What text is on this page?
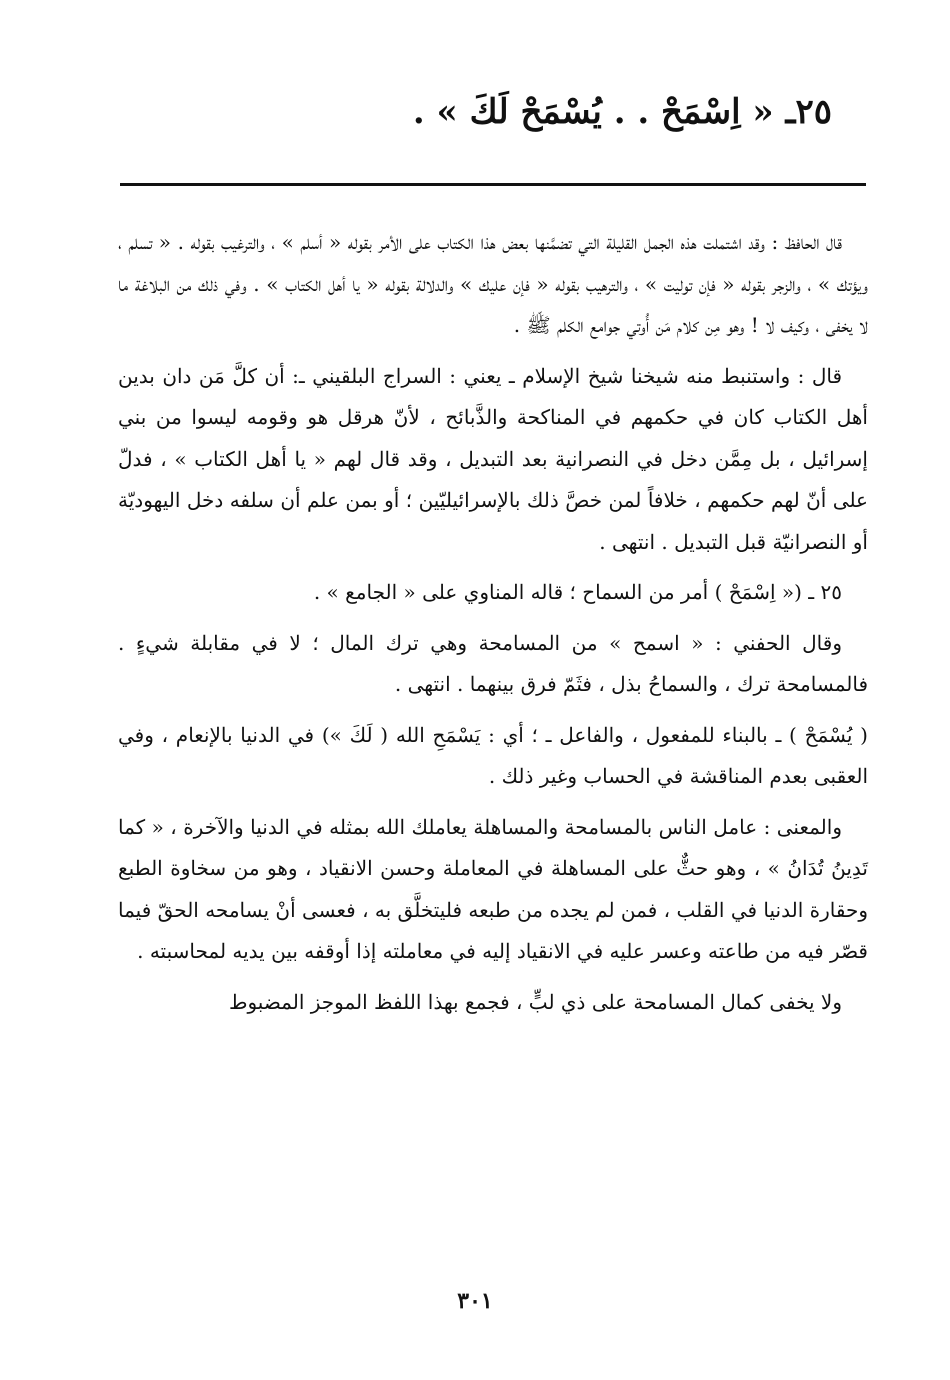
٢٥ـ « اِسْمَحْ . . يُسْمَحْ لَكَ » .

قال الحافظ : وقد اشتملت هذه الجمل القليلة التي تضمَّنها بعض هذا الكتاب على الأمر بقوله « أسلم » ، والترغيب بقوله . « تسلم ، ويؤتك » ، والزجر بقوله « فإن توليت » ، والترهيب بقوله « فإن عليك » والدلالة بقوله « يا أهل الكتاب » . وفي ذلك من البلاغة ما لا يخفى ، وكيف لا ! وهو مِن كلام مَن أُوتي جوامع الكلم ﷺ .

قال : واستنبط منه شيخنا شيخ الإسلام ـ يعني : السراج البلقيني ـ: أن كلَّ مَن دان بدين أهل الكتاب كان في حكمهم في المناكحة والذَّبائح ، لأنّ هرقل هو وقومه ليسوا من بني إسرائيل ، بل مِمَّن دخل في النصرانية بعد التبديل ، وقد قال لهم « يا أهل الكتاب » ، فدلّ على أنّ لهم حكمهم ، خلافاً لمن خصَّ ذلك بالإسرائيليّين ؛ أو بمن علم أن سلفه دخل اليهوديّة أو النصرانيّة قبل التبديل . انتهى .

٢٥ ـ (« اِسْمَحْ ) أمر من السماح ؛ قاله المناوي على « الجامع » .

وقال الحفني : « اسمح » من المسامحة وهي ترك المال ؛ لا في مقابلة شيءٍ . فالمسامحة ترك ، والسماحُ بذل ، فثَمّ فرق بينهما . انتهى .

( يُسْمَحْ ) ـ بالبناء للمفعول ، والفاعل ـ ؛ أي : يَسْمَحِ الله ( لَكَ ») في الدنيا بالإنعام ، وفي العقبى بعدم المناقشة في الحساب وغير ذلك .

والمعنى : عامل الناس بالمسامحة والمساهلة يعاملك الله بمثله في الدنيا والآخرة ، « كما تَدِينُ تُدَانُ » ، وهو حثٌّ على المساهلة في المعاملة وحسن الانقياد ، وهو من سخاوة الطبع وحقارة الدنيا في القلب ، فمن لم يجده من طبعه فليتخلَّق به ، فعسى أنْ يسامحه الحقّ فيما قصّر فيه من طاعته وعسر عليه في الانقياد إليه في معاملته إذا أوقفه بين يديه لمحاسبته .

ولا يخفى كمال المسامحة على ذي لبٍّ ، فجمع بهذا اللفظ الموجز المضبوط

٣٠١
